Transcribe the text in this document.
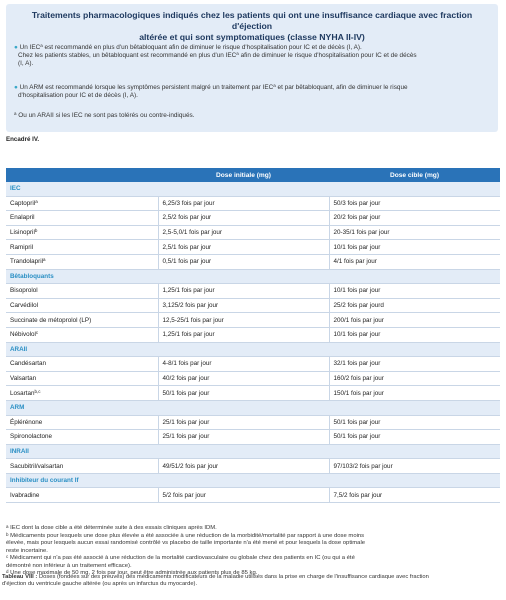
Traitements pharmacologiques indiqués chez les patients qui ont une insuffisance cardiaque avec fraction d'éjection
altérée et qui sont symptomatiques (classe NYHA II-IV)
● Un IEC$^a$ est recommandé en plus d'un bêtabloquant afin de diminuer le risque d'hospitalisation pour IC et de décès (I, A).
Chez les patients stables, un bêtabloquant est recommandé en plus d'un IEC$^a$ afin de diminuer le risque d'hospitalisation pour IC et de décès
(I, A).
● Un ARM est recommandé lorsque les symptômes persistent malgré un traitement par IEC$^a$ et par bêtabloquant, afin de diminuer le risque
d'hospitalisation pour IC et de décès (I, A).
$^a$ Ou un ARAII si les IEC ne sont pas tolérés ou contre-indiqués.
Encadré IV.
	Dose initiale (mg)	Dose cible (mg)
IEC		
Captopril$^a$	6,25/3 fois par jour	50/3 fois par jour
Enalapril	2,5/2 fois par jour	20/2 fois par jour
Lisinopril$^b$	2,5-5,0/1 fois par jour	20-35/1 fois par jour
Ramipril	2,5/1 fois par jour	10/1 fois par jour
Trandolapril$^a$	0,5/1 fois par jour	4/1 fois par jour
Bêtabloquants		
Bisoprolol	1,25/1 fois par jour	10/1 fois par jour
Carvédilol	3,125/2 fois par jour	25/2 fois par jourd
Succinate de métoprolol (LP)	12,5-25/1 fois par jour	200/1 fois par jour
Nébivolol$^c$	1,25/1 fois par jour	10/1 fois par jour
ARAII		
Candésartan	4-8/1 fois par jour	32/1 fois par jour
Valsartan	40/2 fois par jour	160/2 fois par jour
Losartan$^{b,c}$	50/1 fois par jour	150/1 fois par jour
ARM		
Éplérénone	25/1 fois par jour	50/1 fois par jour
Spironolactone	25/1 fois par jour	50/1 fois par jour
INRAII		
Sacubitril/valsartan	49/51/2 fois par jour	97/103/2 fois par jour
Inhibiteur du courant If		
Ivabradine	5/2 fois par jour	7,5/2 fois par jour
$^a$ IEC dont la dose cible a été déterminée suite à des essais cliniques après IDM.
$^b$ Médicaments pour lesquels une dose plus élevée a été associée à une réduction de la morbidité/mortalité par rapport à une dose moins
élevée, mais pour lesquels aucun essai randomisé contrôlé vs placebo de taille importante n'a été mené et pour lesquels la dose optimale
reste incertaine.
$^c$ Médicament qui n'a pas été associé à une réduction de la mortalité cardiovasculaire ou globale chez des patients en IC (ou qui a été
démontré non inférieur à un traitement efficace).
$^d$ Une dose maximale de 50 mg, 2 fois par jour, peut être administrée aux patients plus de 85 kg.
Tableau VIII : Doses (fondées sur des preuves) des médicaments modificateurs de la maladie utilisés dans la prise en charge de l'insuffisance cardiaque avec fraction
d'éjection du ventricule gauche altérée (ou après un infarctus du myocarde).
